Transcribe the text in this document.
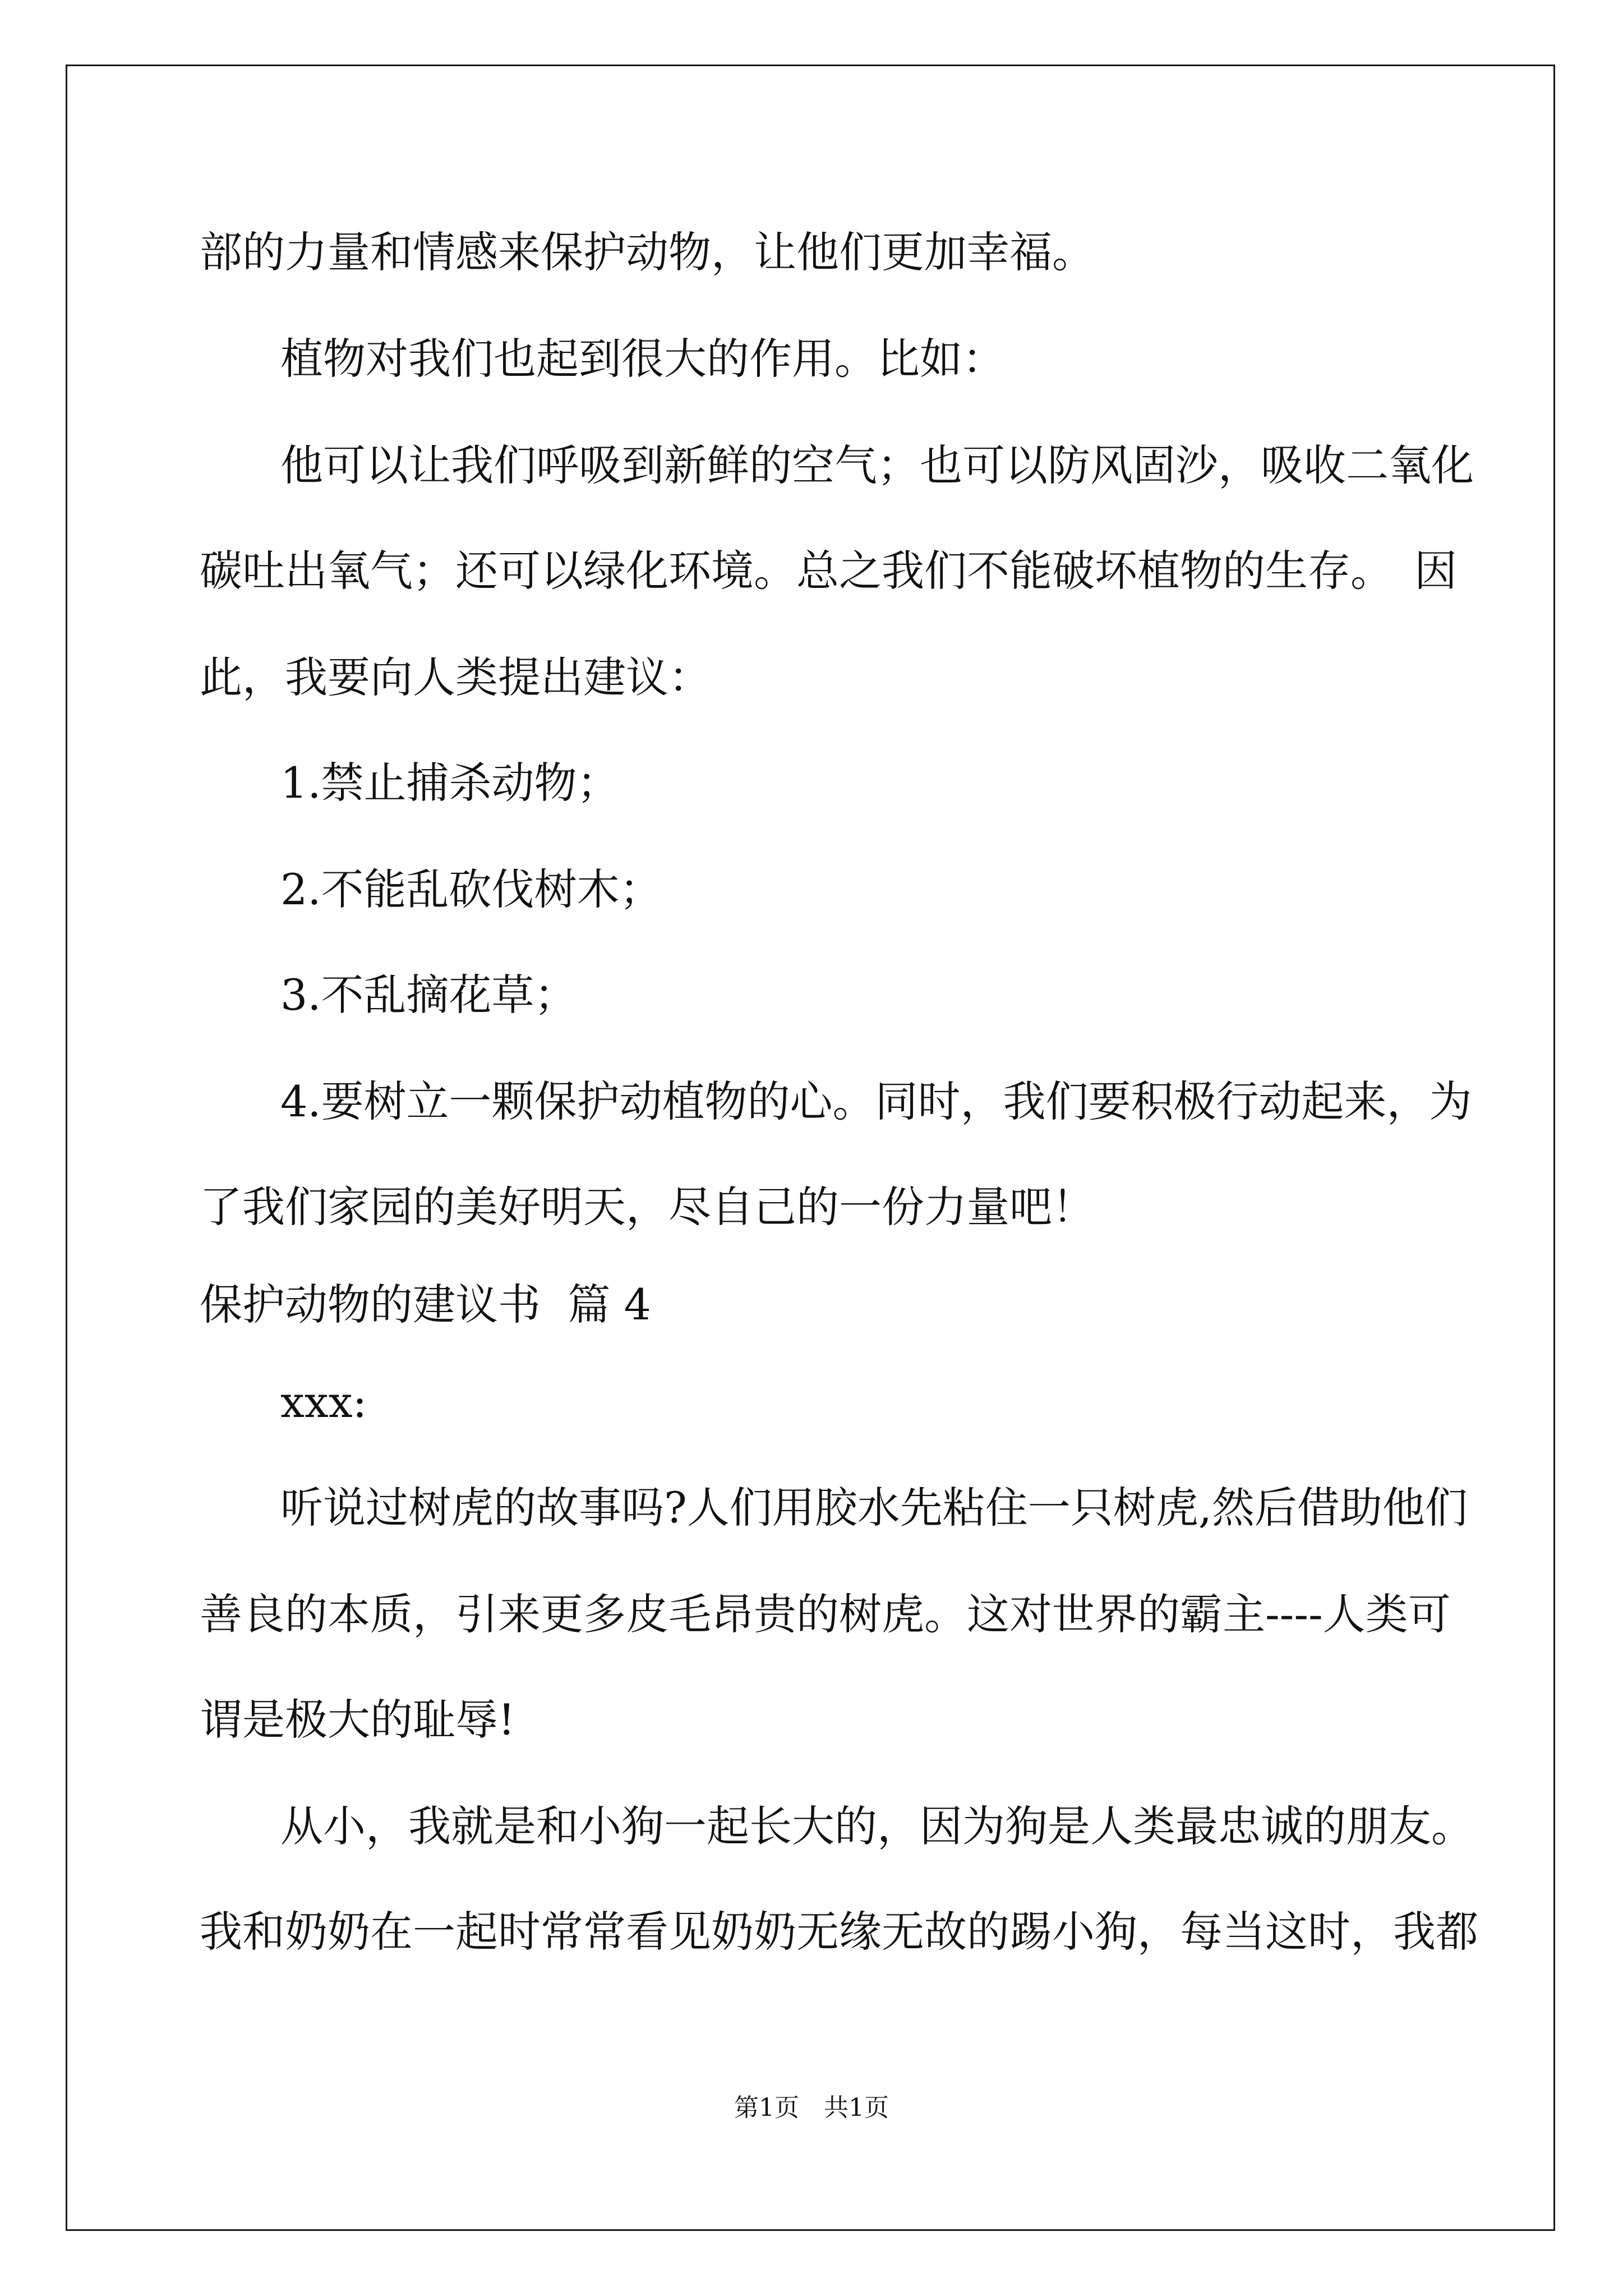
部的力量和情感来保护动物，让他们更加幸福。
植物对我们也起到很大的作用。比如：
他可以让我们呼吸到新鲜的空气；也可以防风固沙，吸收二氧化
碳吐出氧气；还可以绿化环境。总之我们不能破坏植物的生存。　因
此，我要向人类提出建议：
1.禁止捕杀动物；
2.不能乱砍伐树木；
3.不乱摘花草；
4.要树立一颗保护动植物的心。同时，我们要积极行动起来，为
了我们家园的美好明天，尽自己的一份力量吧！
保护动物的建议书  篇 4
xxx:
听说过树虎的故事吗?人们用胶水先粘住一只树虎,然后借助他们
善良的本质，引来更多皮毛昂贵的树虎。这对世界的霸主----人类可
谓是极大的耻辱!
从小，我就是和小狗一起长大的，因为狗是人类最忠诚的朋友。
我和奶奶在一起时常常看见奶奶无缘无故的踢小狗，每当这时，我都
第1页　共1页
